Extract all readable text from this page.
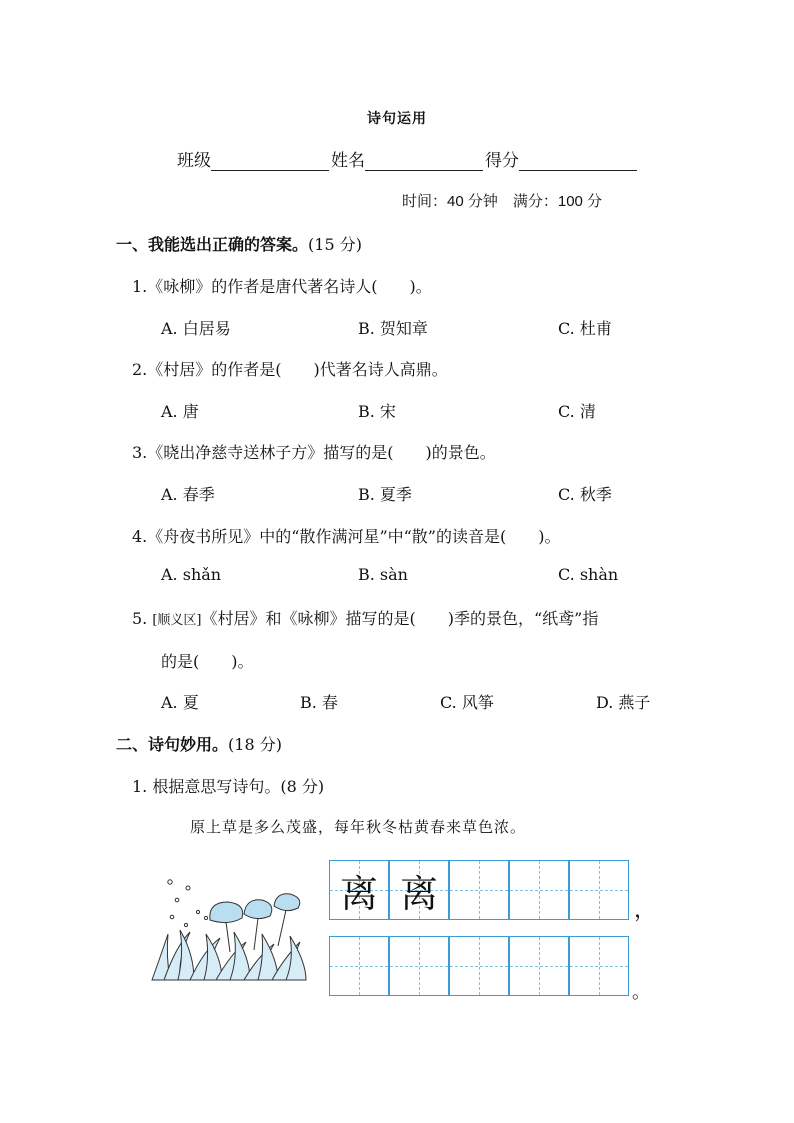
诗句运用
班级	姓名	得分
时间：40 分钟　满分：100 分
一、我能选出正确的答案。(15 分)
1.《咏柳》的作者是唐代著名诗人(　　)。
A. 白居易	B. 贺知章	C. 杜甫
2.《村居》的作者是(　　)代著名诗人高鼎。
A. 唐	B. 宋	C. 清
3.《晓出净慈寺送林子方》描写的是(　　)的景色。
A. 春季	B. 夏季	C. 秋季
4.《舟夜书所见》中的“散作满河星”中“散”的读音是(　　)。
A. shǎn	B. sàn	C. shàn
5. [顺义区]《村居》和《咏柳》描写的是(　　)季的景色，“纸鸢”指
的是(　　)。
A. 夏	B. 春	C. 风筝	D. 燕子
二、诗句妙用。(18 分)
1. 根据意思写诗句。(8 分)
原上草是多么茂盛，每年秋冬枯黄春来草色浓。
离 离	，
。
